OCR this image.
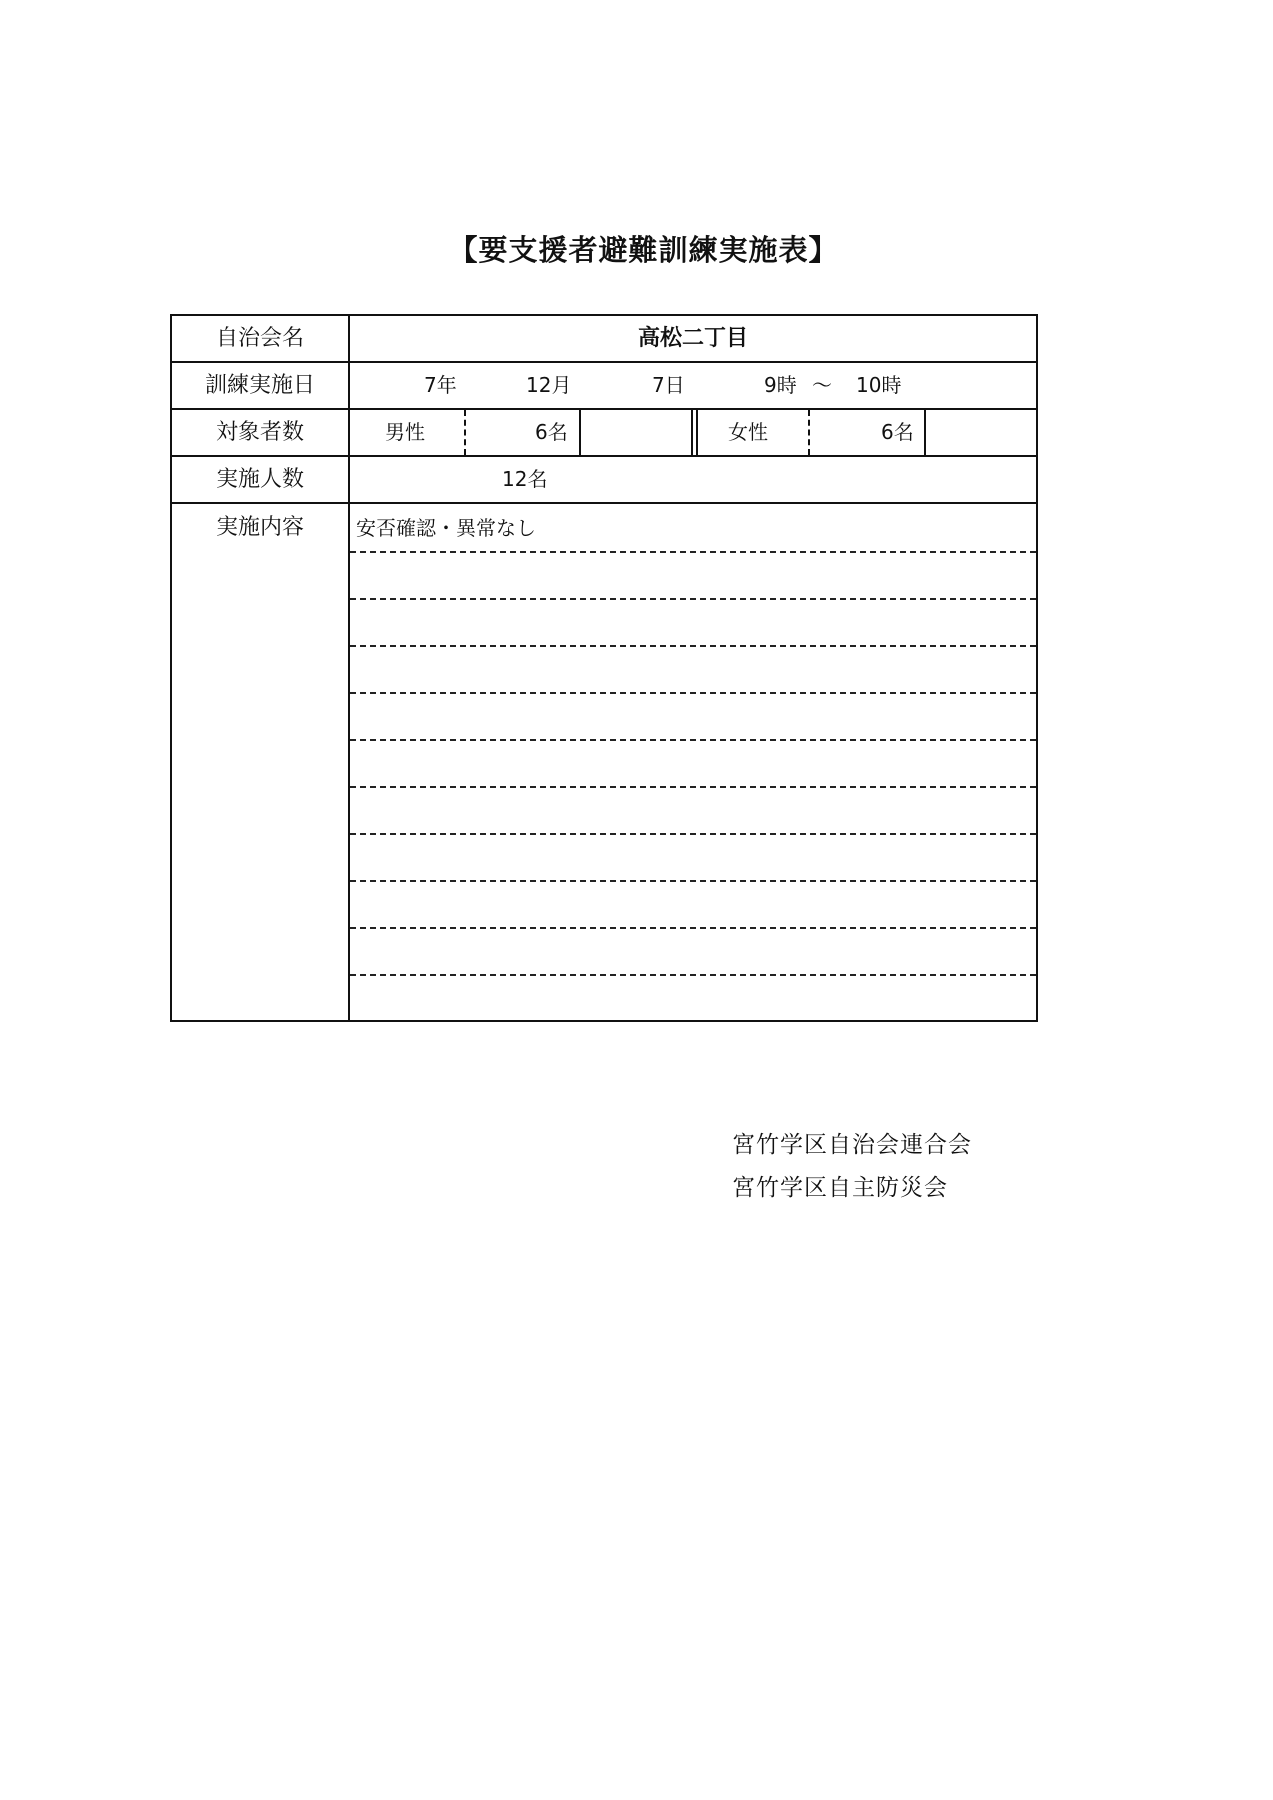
【要支援者避難訓練実施表】
自治会名	高松二丁目
訓練実施日	7年	12月	7日	9時 ～ 10時
対象者数	男性	6名	女性	6名
実施人数	12名
実施内容	安否確認・異常なし
宮竹学区自治会連合会
宮竹学区自主防災会
